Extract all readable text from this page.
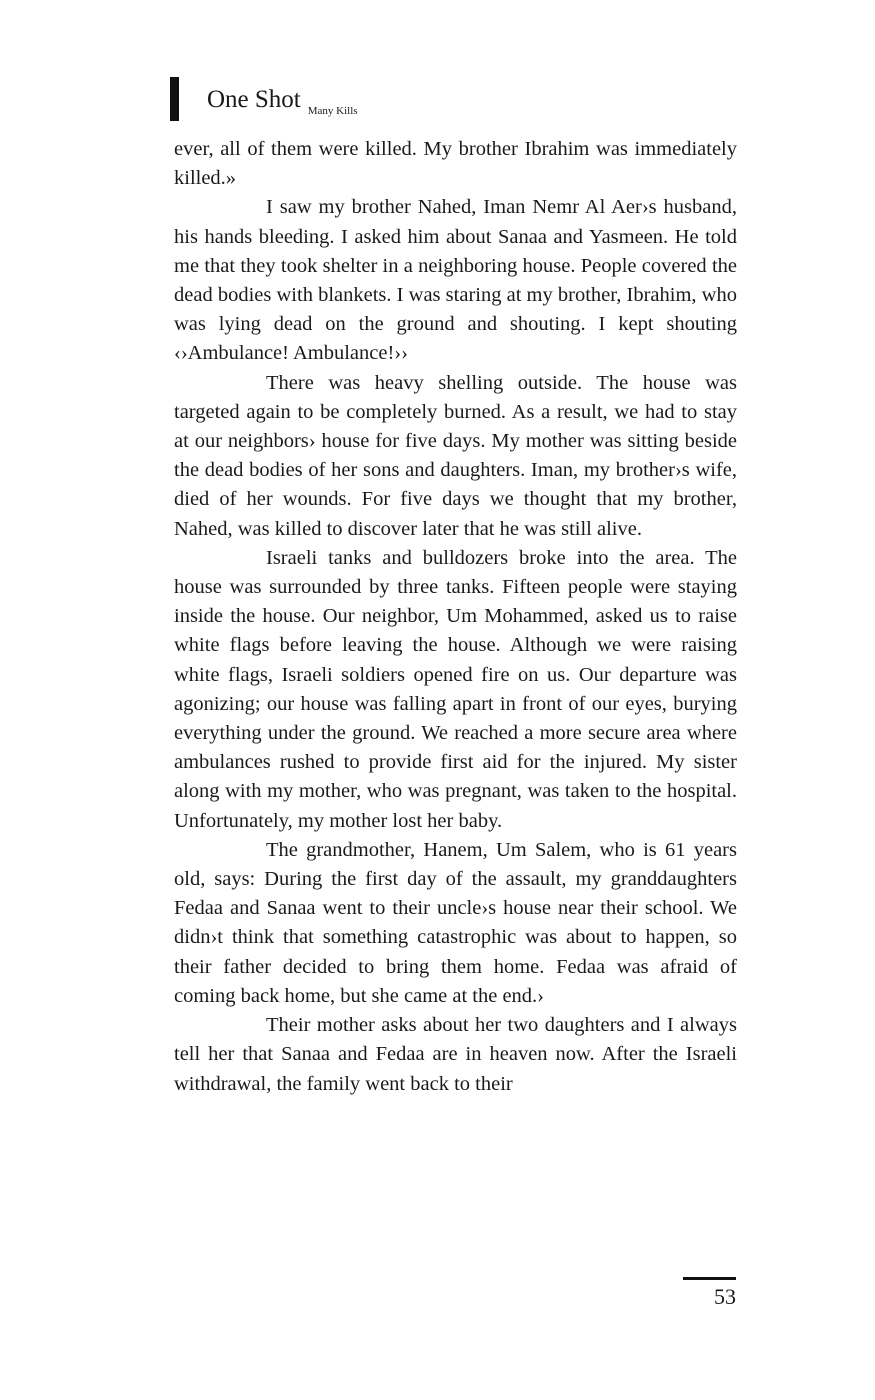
One Shot Many Kills

ever, all of them were killed. My brother Ibrahim was immediately killed.»

I saw my brother Nahed, Iman Nemr Al Aer›s husband, his hands bleeding. I asked him about Sanaa and Yasmeen. He told me that they took shelter in a neighboring house. People covered the dead bodies with blankets. I was staring at my brother, Ibrahim, who was lying dead on the ground and shouting. I kept shouting ‹›Ambulance! Ambulance!››

There was heavy shelling outside. The house was targeted again to be completely burned. As a result, we had to stay at our neighbors› house for five days. My mother was sitting beside the dead bodies of her sons and daughters. Iman, my brother›s wife, died of her wounds. For five days we thought that my brother, Nahed, was killed to discover later that he was still alive.

Israeli tanks and bulldozers broke into the area. The house was surrounded by three tanks. Fifteen people were staying inside the house. Our neighbor, Um Mohammed, asked us to raise white flags before leaving the house. Although we were raising white flags, Israeli soldiers opened fire on us. Our departure was agonizing; our house was falling apart in front of our eyes, burying everything under the ground. We reached a more secure area where ambulances rushed to provide first aid for the injured. My sister along with my mother, who was pregnant, was taken to the hospital. Unfortunately, my mother lost her baby.

The grandmother, Hanem, Um Salem, who is 61 years old, says: During the first day of the assault, my granddaughters Fedaa and Sanaa went to their uncle›s house near their school. We didn›t think that something catastrophic was about to happen, so their father decided to bring them home. Fedaa was afraid of coming back home, but she came at the end.›

Their mother asks about her two daughters and I always tell her that Sanaa and Fedaa are in heaven now. After the Israeli withdrawal, the family went back to their

53
